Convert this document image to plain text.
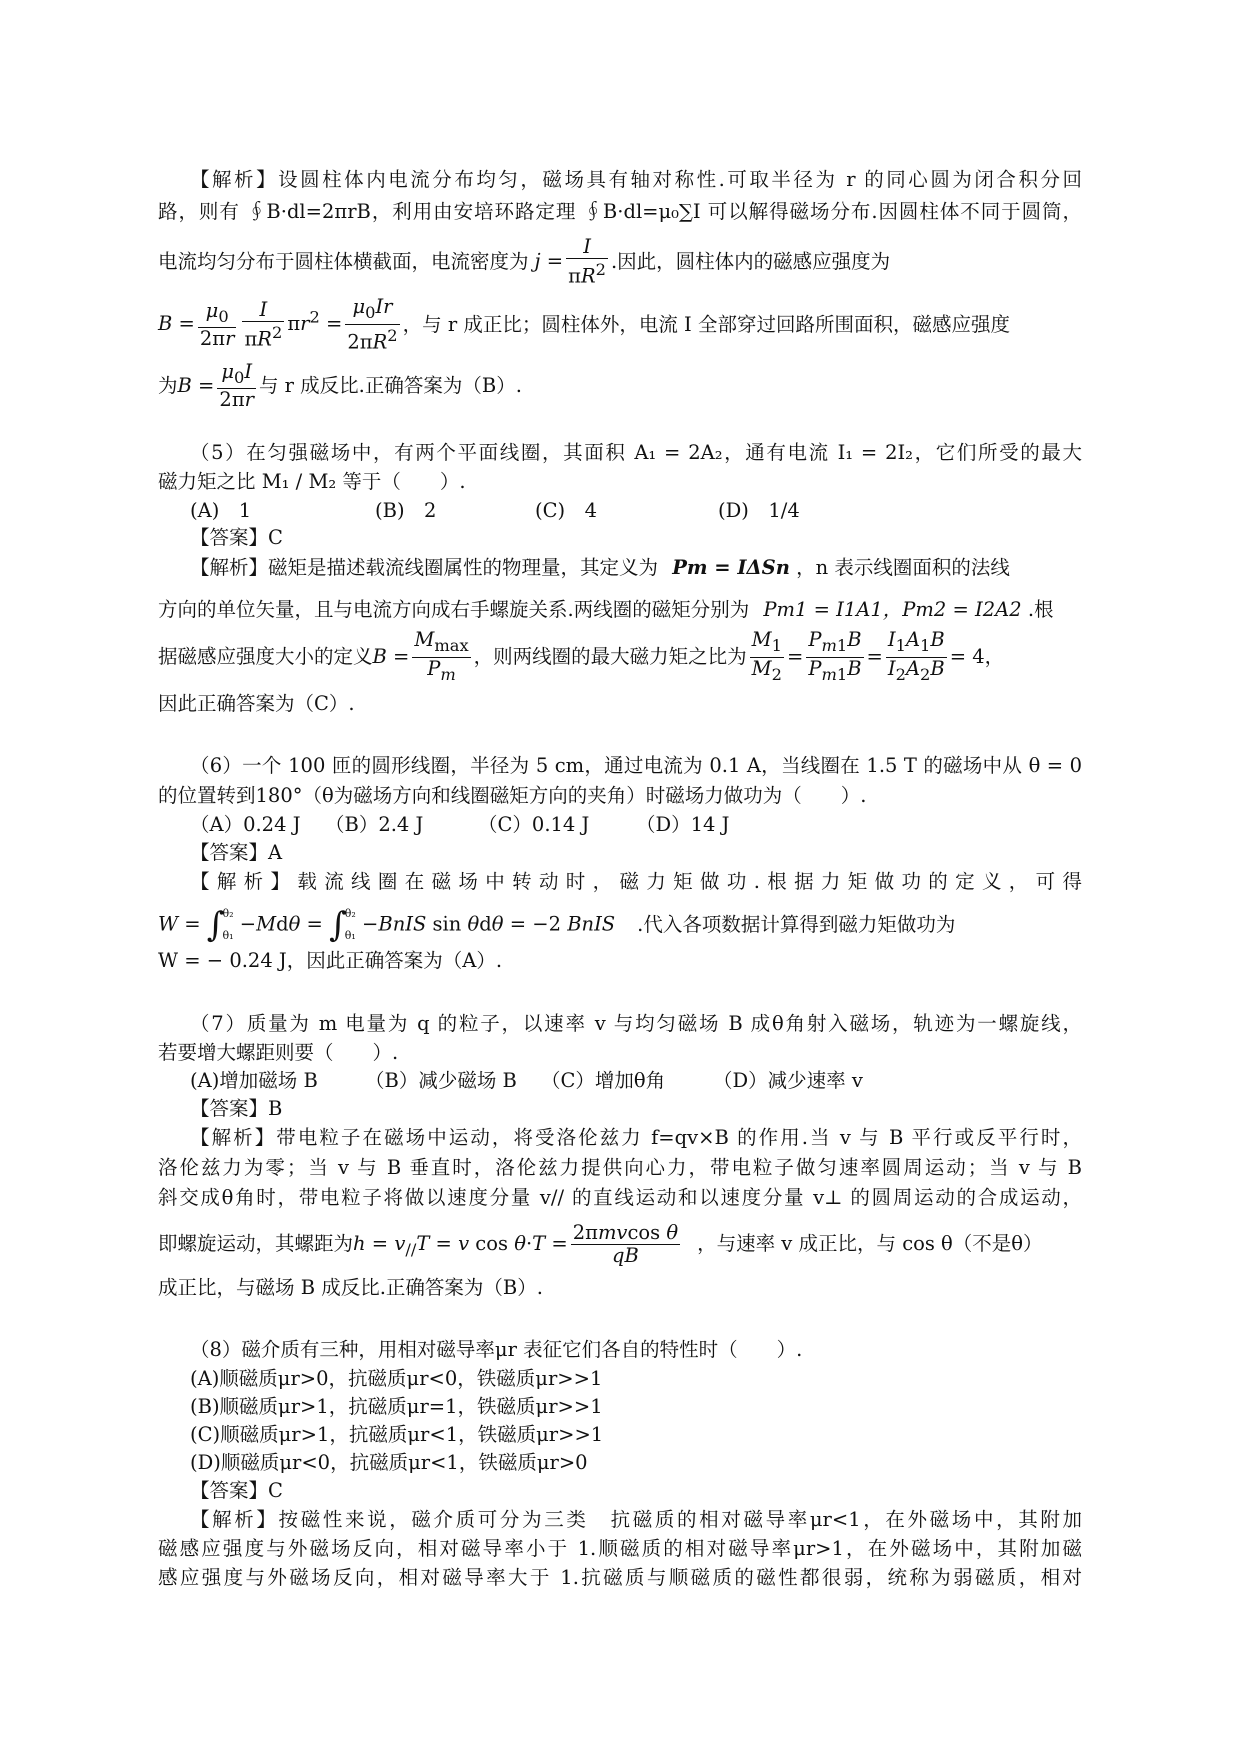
【解析】设圆柱体内电流分布均匀，磁场具有轴对称性.可取半径为 r 的同心圆为闭合积分回
路，则有 ∮B·dl=2πrB，利用由安培环路定理 ∮B·dl=μ₀∑I 可以解得磁场分布.因圆柱体不同于圆筒，
电流均匀分布于圆柱体横截面，电流密度为 $j = \frac{I}{\pi R^2}$ .因此，圆柱体内的磁感应强度为
$B = \frac{\mu_0}{2\pi r} \frac{I}{\pi R^2} \pi r^2 = \frac{\mu_0Ir}{2\pi R^2}$ ，与 r 成正比；圆柱体外，电流 I 全部穿过回路所围面积，磁感应强度
为 $B = \frac{\mu_0I}{2\pi r}$ 与 r 成反比.正确答案为（B）.
（5）在匀强磁场中，有两个平面线圈，其面积 A₁ = 2A₂，通有电流 I₁ = 2I₂，它们所受的最大
磁力矩之比 M₁ / M₂ 等于（　　）.
(A)　1	(B)　2	(C)　4	(D)　1/4
【答案】C
【解析】磁矩是描述载流线圈属性的物理量，其定义为 Pm = IΔSn ，n 表示线圈面积的法线
方向的单位矢量，且与电流方向成右手螺旋关系.两线圈的磁矩分别为 Pm1 = I1A1，Pm2 = I2A2 .根
据磁感应强度大小的定义 $B = \frac{M_{max}}{P_m}$ ，则两线圈的最大磁力矩之比为 $\frac{M_1}{M_2} = \frac{P_{m1}B}{P_{m1}B} = \frac{I_1A_1B}{I_2A_2B} = 4$，
因此正确答案为（C）.
（6）一个 100 匝的圆形线圈，半径为 5 cm，通过电流为 0.1 A，当线圈在 1.5 T 的磁场中从 θ = 0
的位置转到180°（θ为磁场方向和线圈磁矩方向的夹角）时磁场力做功为（　　）.
（A）0.24 J （B）2.4 J	（C）0.14 J （D）14 J
【答案】A
【解析】载流线圈在磁场中转动时，磁力矩做功.根据力矩做功的定义，可得
W = ∫θ₂
θ₁ −Mdθ = ∫θ₂
θ₁ −BnIS sin θdθ = −2 BnIS .代入各项数据计算得到磁力矩做功为
W = − 0.24 J，因此正确答案为（A）.
（7）质量为 m 电量为 q 的粒子，以速率 v 与均匀磁场 B 成θ角射入磁场，轨迹为一螺旋线，
若要增大螺距则要（　　）.
(A)增加磁场 B （B）减少磁场 B （C）增加θ角 （D）减少速率 v
【答案】B
【解析】带电粒子在磁场中运动，将受洛伦兹力 f=qv×B 的作用.当 v 与 B 平行或反平行时，
洛伦兹力为零；当 v 与 B 垂直时，洛伦兹力提供向心力，带电粒子做匀速率圆周运动；当 v 与 B
斜交成θ角时，带电粒子将做以速度分量 v// 的直线运动和以速度分量 v⊥ 的圆周运动的合成运动，
即螺旋运动，其螺距为 $h = v_{//}T = v$ $\cos \theta\cdot T = \frac{\text{2πmvcos θ}}{qB}$ ，与速率 v 成正比，与 cos θ（不是θ）
成正比，与磁场 B 成反比.正确答案为（B）.
（8）磁介质有三种，用相对磁导率μr 表征它们各自的特性时（　　）.
(A)顺磁质μr>0，抗磁质μr<0，铁磁质μr>>1
(B)顺磁质μr>1，抗磁质μr=1，铁磁质μr>>1
(C)顺磁质μr>1，抗磁质μr<1，铁磁质μr>>1
(D)顺磁质μr<0，抗磁质μr<1，铁磁质μr>0
【答案】C
【解析】按磁性来说，磁介质可分为三类　抗磁质的相对磁导率μr<1，在外磁场中，其附加
磁感应强度与外磁场反向，相对磁导率小于 1.顺磁质的相对磁导率μr>1，在外磁场中，其附加磁
感应强度与外磁场反向，相对磁导率大于 1.抗磁质与顺磁质的磁性都很弱，统称为弱磁质，相对
